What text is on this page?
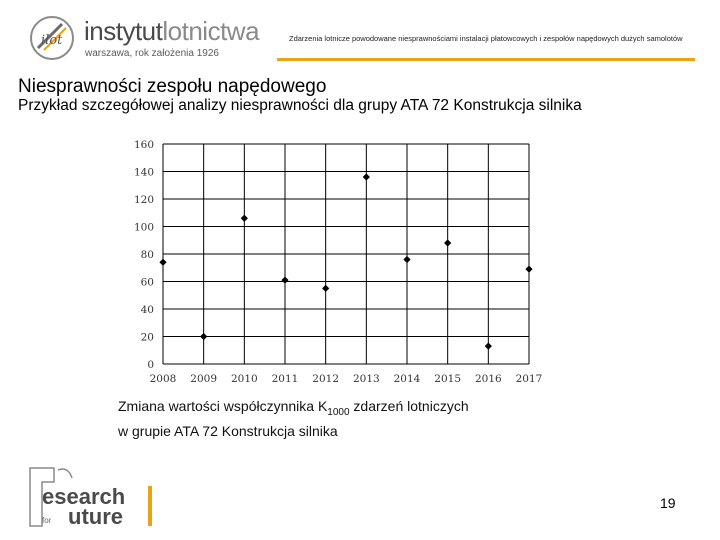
ilot instytutlotnictwa
warszawa, rok założenia 1926
Zdarzenia lotnicze powodowane niesprawnościami instalacji płatowcowych i zespołów napędowych dużych samolotów
Niesprawności zespołu napędowego
Przykład szczegółowej analizy niesprawności dla grupy ATA 72 Konstrukcja silnika
2008 2009 2010 2011 2012 2013 2014 2015 2016 2017
0
20
40
60
80
100
120
140
160
Zmiana wartości współczynnika $K_{1000}$ zdarzeń lotniczych
w grupie ATA 72 Konstrukcja silnika
esearch
for uture
19
